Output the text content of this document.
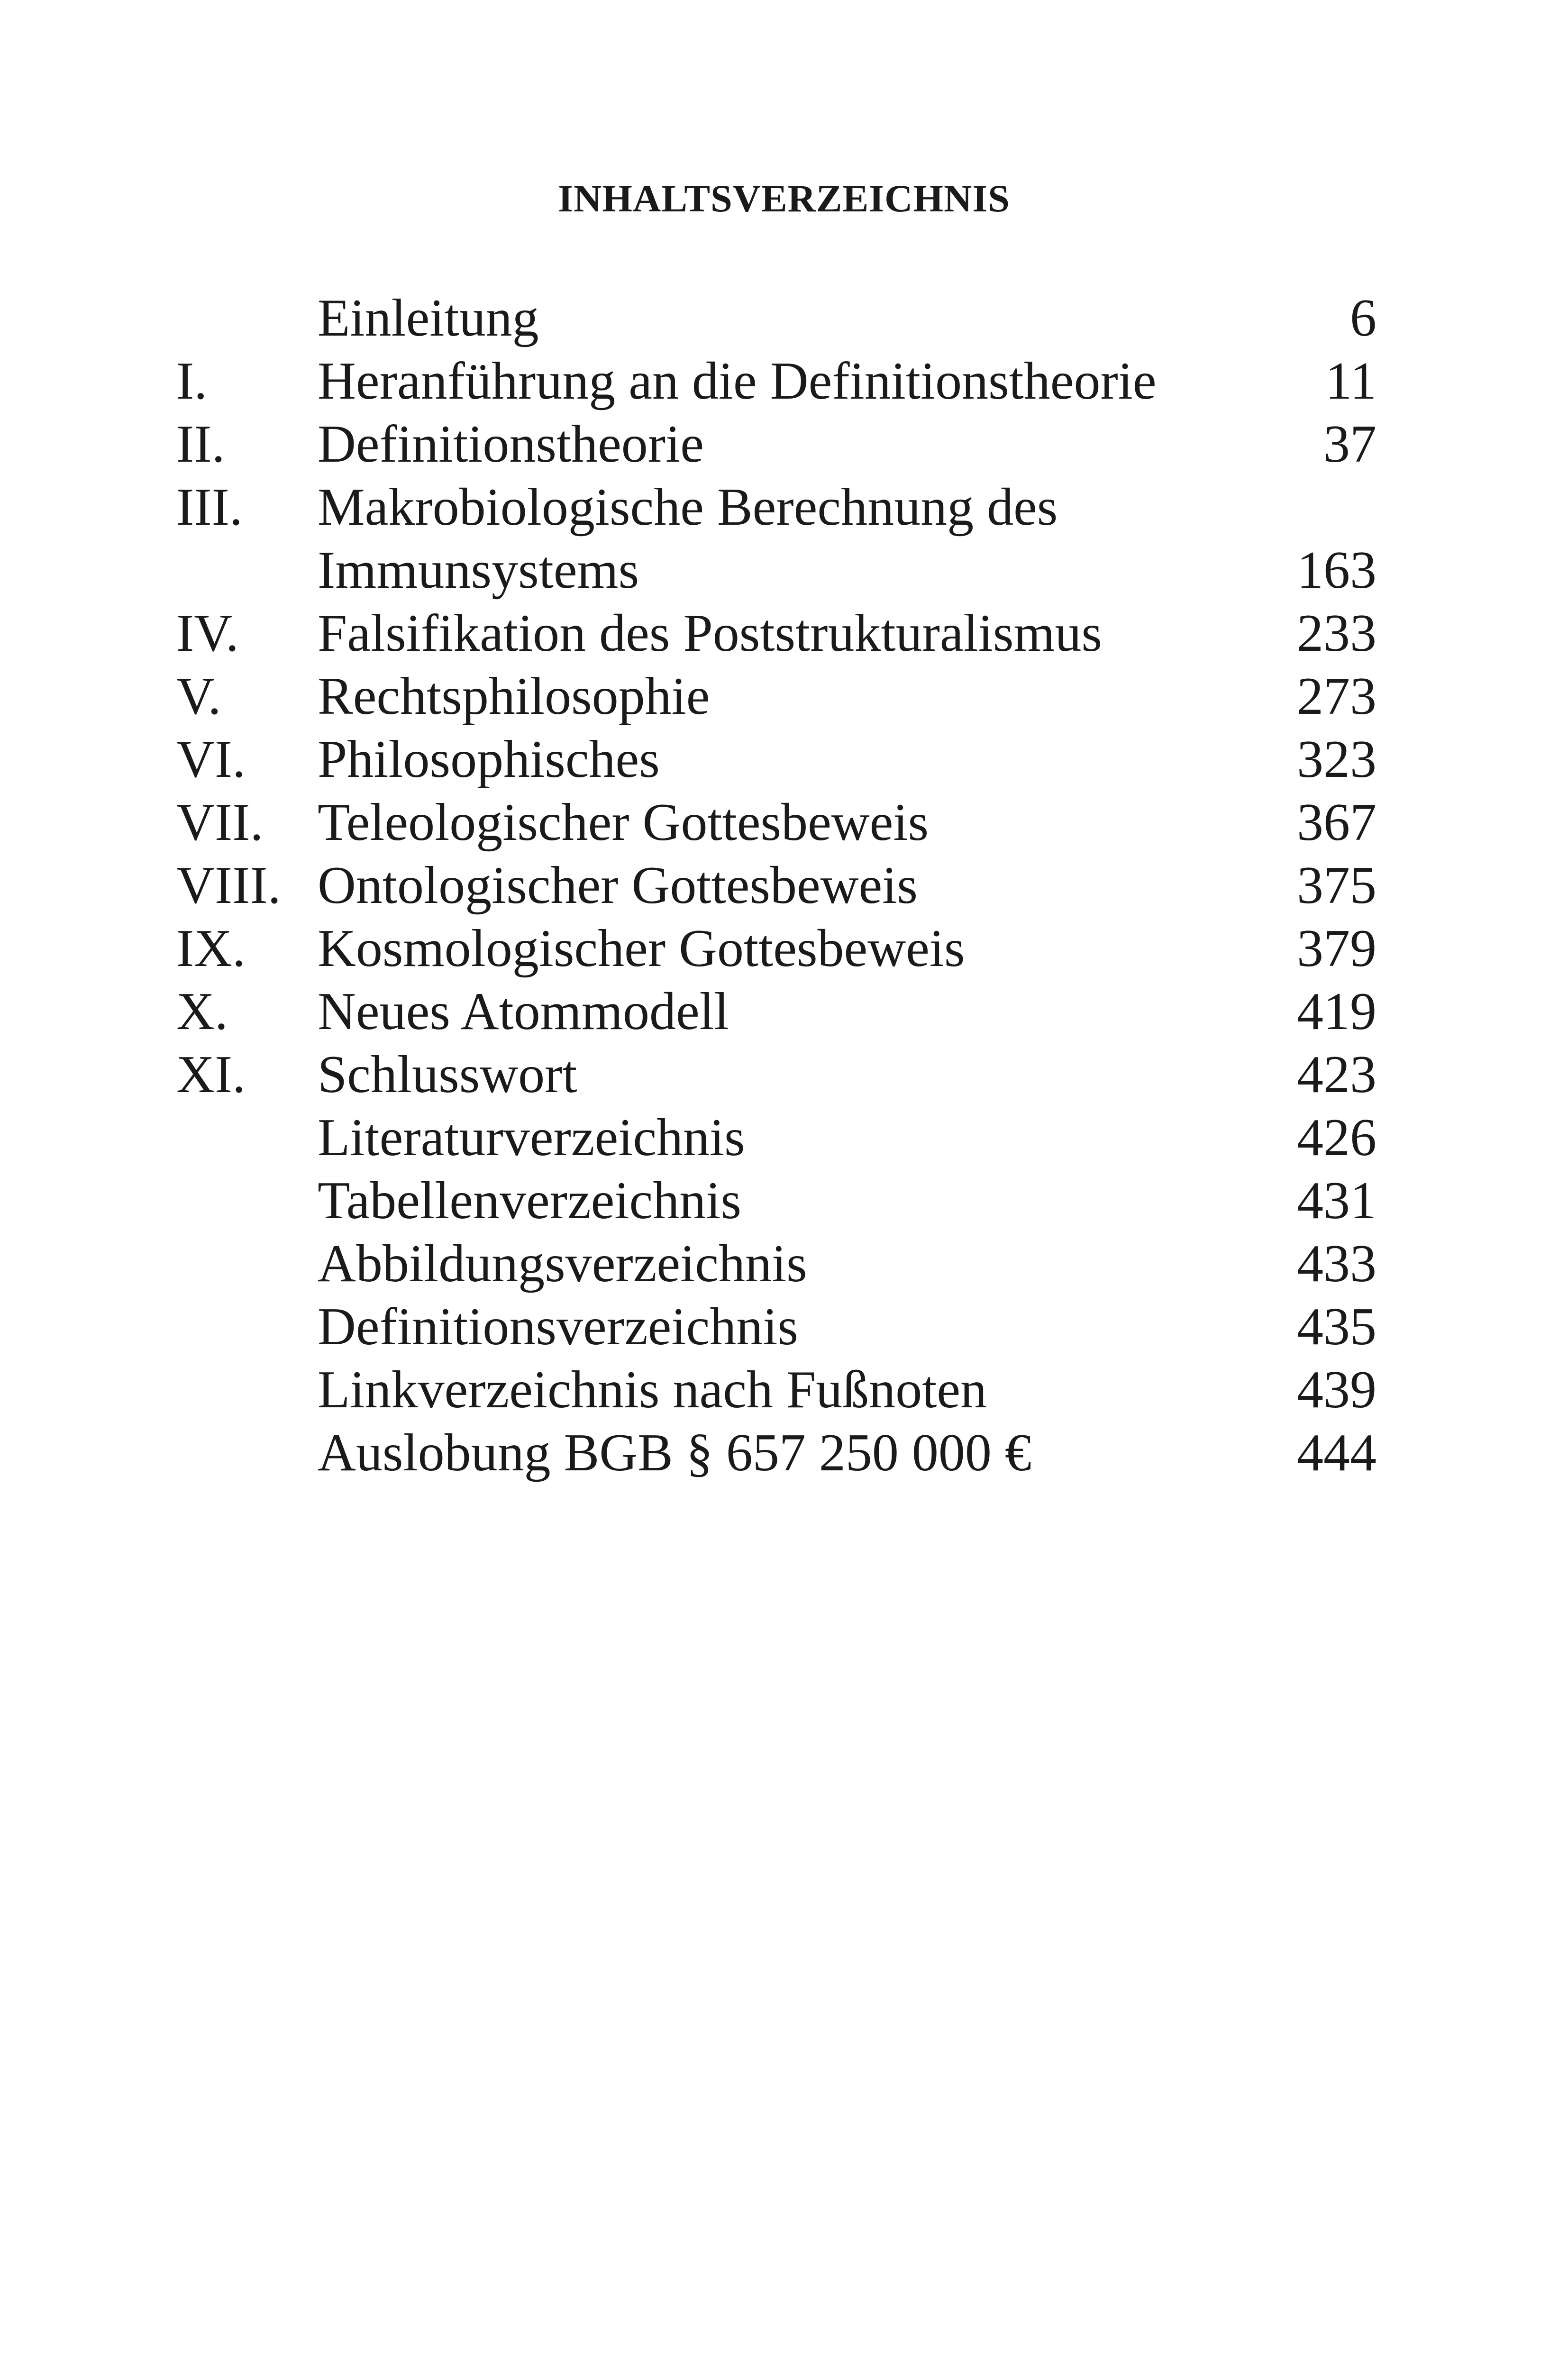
INHALTSVERZEICHNIS
Einleitung	6
I. Heranführung an die Definitionstheorie	11
II. Definitionstheorie	37
III. Makrobiologische Berechnung des
Immunsystems	163
IV. Falsifikation des Poststrukturalismus	233
V. Rechtsphilosophie	273
VI. Philosophisches	323
VII. Teleologischer Gottesbeweis	367
VIII. Ontologischer Gottesbeweis	375
IX. Kosmologischer Gottesbeweis	379
X. Neues Atommodell	419
XI. Schlusswort	423
Literaturverzeichnis	426
Tabellenverzeichnis	431
Abbildungsverzeichnis	433
Definitionsverzeichnis	435
Linkverzeichnis nach Fußnoten	439
Auslobung BGB § 657 250 000 €	444
